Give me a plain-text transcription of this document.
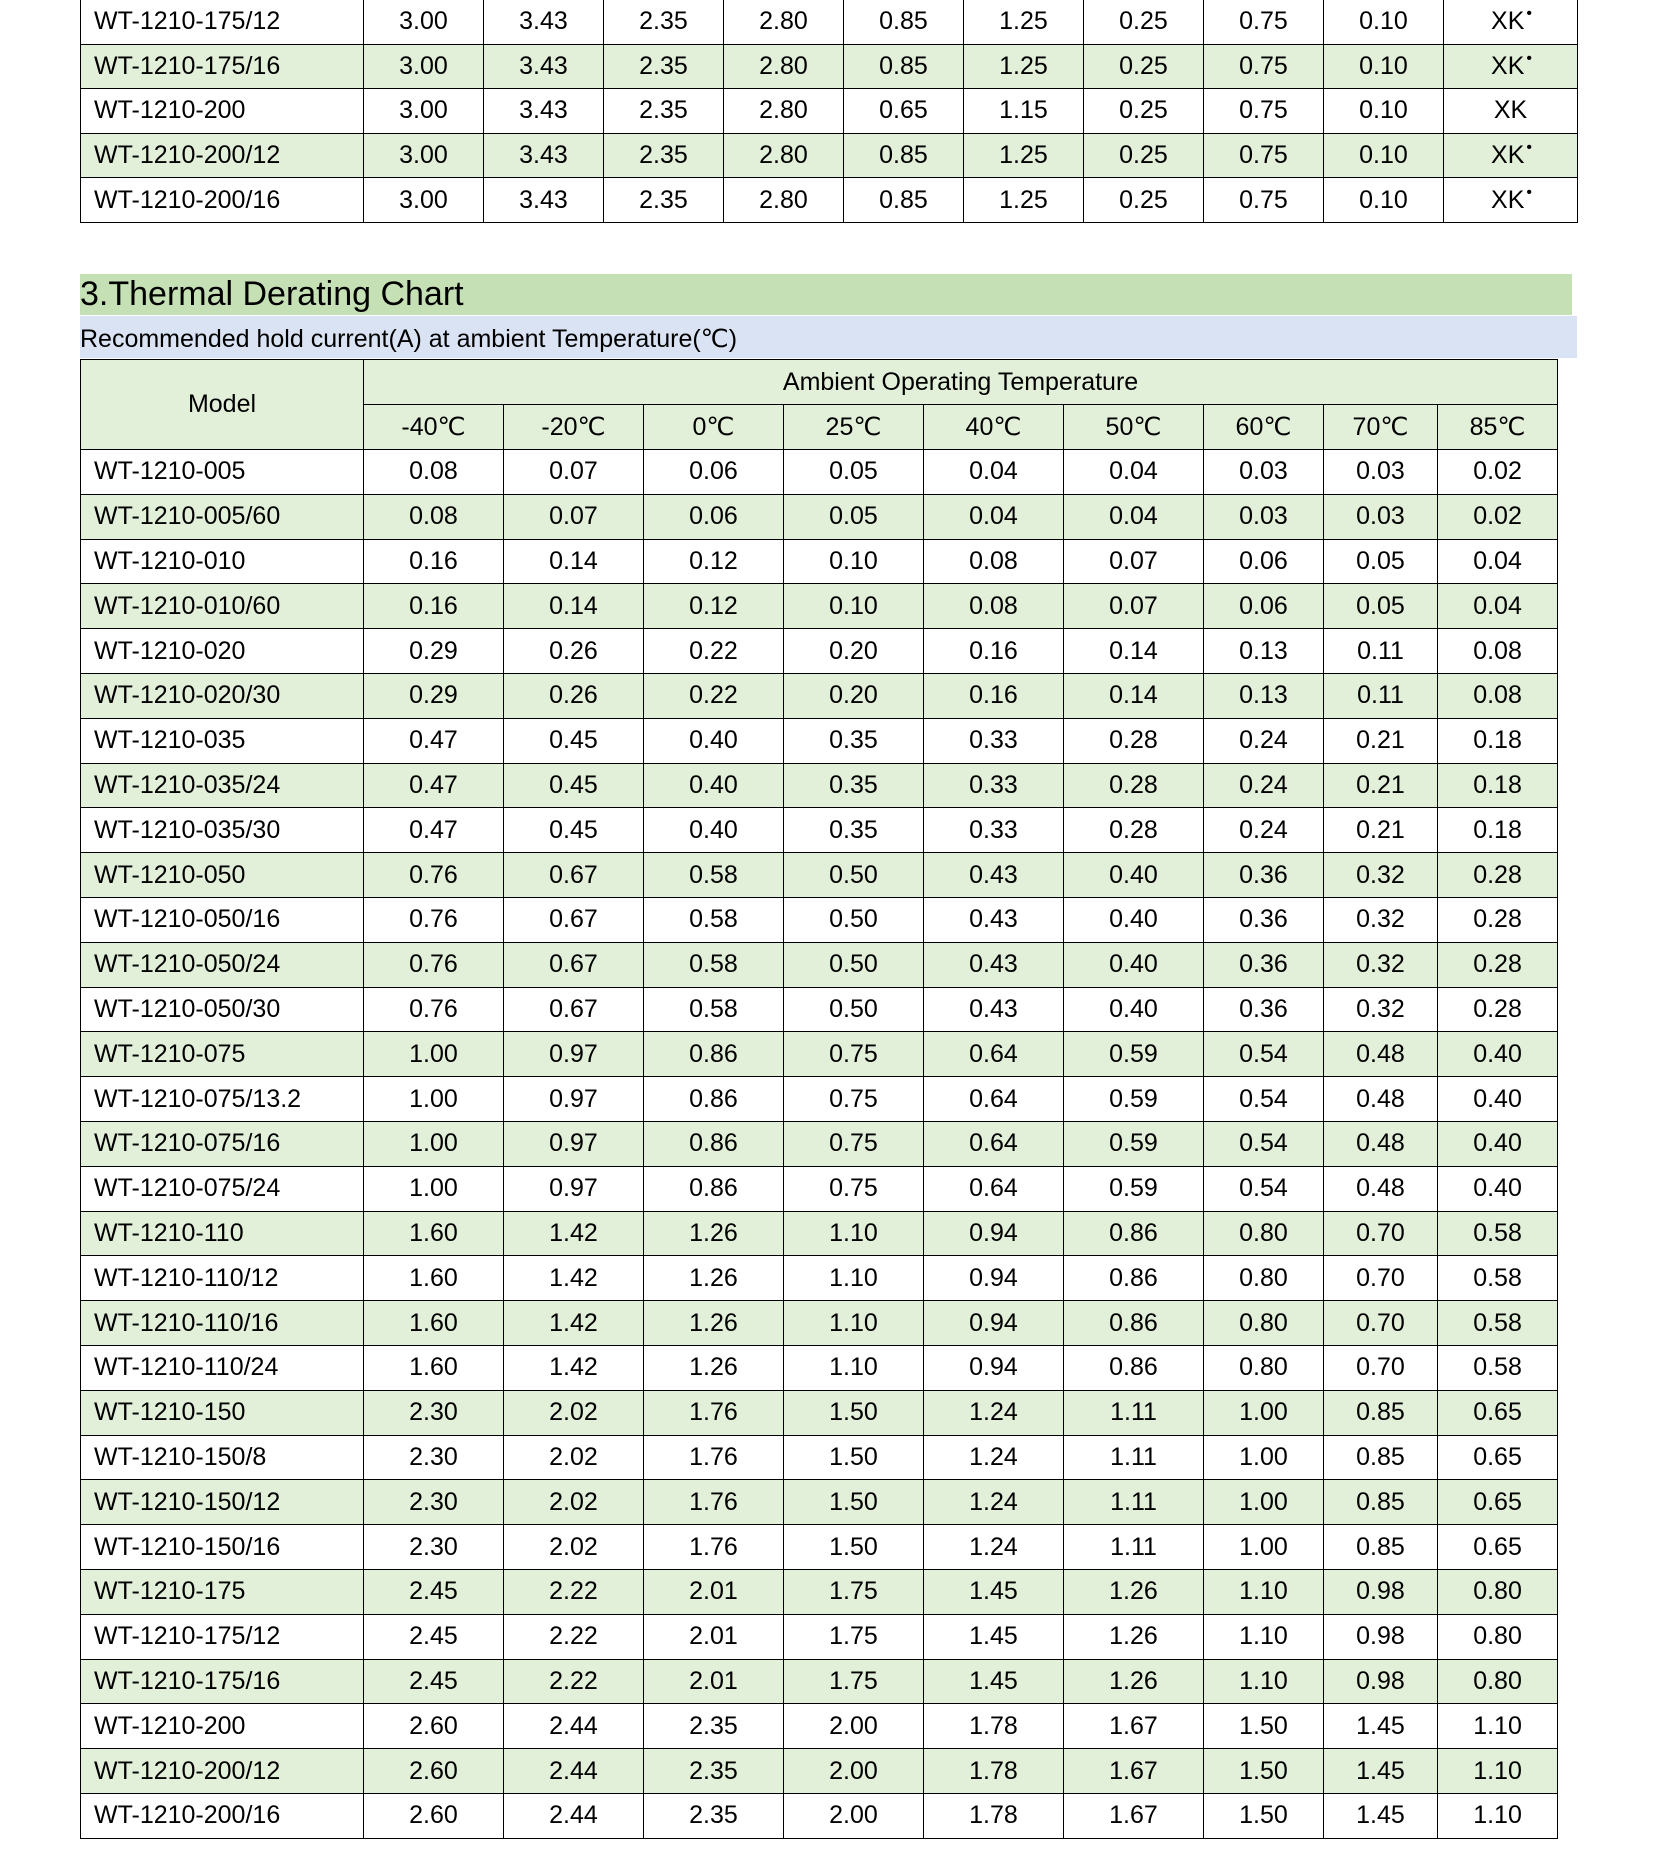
WT-1210-175/12	3.00	3.43	2.35	2.80	0.85	1.25	0.25	0.75	0.10	XK •
WT-1210-175/16	3.00	3.43	2.35	2.80	0.85	1.25	0.25	0.75	0.10	XK •
WT-1210-200	3.00	3.43	2.35	2.80	0.65	1.15	0.25	0.75	0.10	XK
WT-1210-200/12	3.00	3.43	2.35	2.80	0.85	1.25	0.25	0.75	0.10	XK •
WT-1210-200/16	3.00	3.43	2.35	2.80	0.85	1.25	0.25	0.75	0.10	XK •
3.Thermal Derating Chart
Recommended hold current(A) at ambient Temperature(℃)
Model	Ambient Operating Temperature								
	-40℃	-20℃	0℃	25℃	40℃	50℃	60℃	70℃	85℃
WT-1210-005	0.08	0.07	0.06	0.05	0.04	0.04	0.03	0.03	0.02
WT-1210-005/60	0.08	0.07	0.06	0.05	0.04	0.04	0.03	0.03	0.02
WT-1210-010	0.16	0.14	0.12	0.10	0.08	0.07	0.06	0.05	0.04
WT-1210-010/60	0.16	0.14	0.12	0.10	0.08	0.07	0.06	0.05	0.04
WT-1210-020	0.29	0.26	0.22	0.20	0.16	0.14	0.13	0.11	0.08
WT-1210-020/30	0.29	0.26	0.22	0.20	0.16	0.14	0.13	0.11	0.08
WT-1210-035	0.47	0.45	0.40	0.35	0.33	0.28	0.24	0.21	0.18
WT-1210-035/24	0.47	0.45	0.40	0.35	0.33	0.28	0.24	0.21	0.18
WT-1210-035/30	0.47	0.45	0.40	0.35	0.33	0.28	0.24	0.21	0.18
WT-1210-050	0.76	0.67	0.58	0.50	0.43	0.40	0.36	0.32	0.28
WT-1210-050/16	0.76	0.67	0.58	0.50	0.43	0.40	0.36	0.32	0.28
WT-1210-050/24	0.76	0.67	0.58	0.50	0.43	0.40	0.36	0.32	0.28
WT-1210-050/30	0.76	0.67	0.58	0.50	0.43	0.40	0.36	0.32	0.28
WT-1210-075	1.00	0.97	0.86	0.75	0.64	0.59	0.54	0.48	0.40
WT-1210-075/13.2	1.00	0.97	0.86	0.75	0.64	0.59	0.54	0.48	0.40
WT-1210-075/16	1.00	0.97	0.86	0.75	0.64	0.59	0.54	0.48	0.40
WT-1210-075/24	1.00	0.97	0.86	0.75	0.64	0.59	0.54	0.48	0.40
WT-1210-110	1.60	1.42	1.26	1.10	0.94	0.86	0.80	0.70	0.58
WT-1210-110/12	1.60	1.42	1.26	1.10	0.94	0.86	0.80	0.70	0.58
WT-1210-110/16	1.60	1.42	1.26	1.10	0.94	0.86	0.80	0.70	0.58
WT-1210-110/24	1.60	1.42	1.26	1.10	0.94	0.86	0.80	0.70	0.58
WT-1210-150	2.30	2.02	1.76	1.50	1.24	1.11	1.00	0.85	0.65
WT-1210-150/8	2.30	2.02	1.76	1.50	1.24	1.11	1.00	0.85	0.65
WT-1210-150/12	2.30	2.02	1.76	1.50	1.24	1.11	1.00	0.85	0.65
WT-1210-150/16	2.30	2.02	1.76	1.50	1.24	1.11	1.00	0.85	0.65
WT-1210-175	2.45	2.22	2.01	1.75	1.45	1.26	1.10	0.98	0.80
WT-1210-175/12	2.45	2.22	2.01	1.75	1.45	1.26	1.10	0.98	0.80
WT-1210-175/16	2.45	2.22	2.01	1.75	1.45	1.26	1.10	0.98	0.80
WT-1210-200	2.60	2.44	2.35	2.00	1.78	1.67	1.50	1.45	1.10
WT-1210-200/12	2.60	2.44	2.35	2.00	1.78	1.67	1.50	1.45	1.10
WT-1210-200/16	2.60	2.44	2.35	2.00	1.78	1.67	1.50	1.45	1.10
